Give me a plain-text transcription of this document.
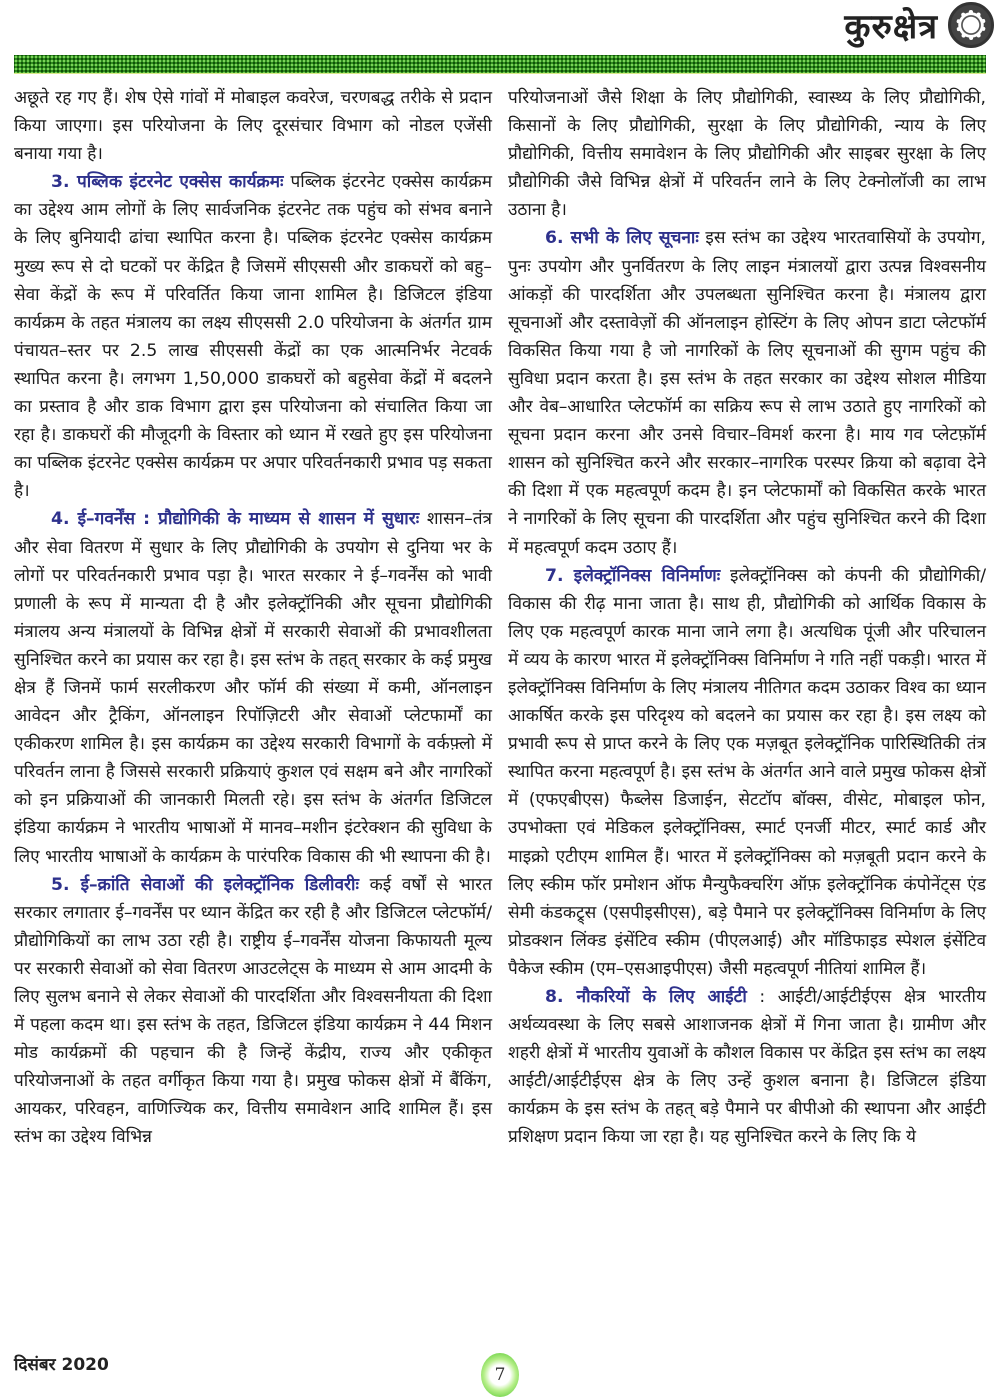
कुरुक्षेत्र

अछूते रह गए हैं। शेष ऐसे गांवों में मोबाइल कवरेज, चरणबद्ध तरीके से प्रदान किया जाएगा। इस परियोजना के लिए दूरसंचार विभाग को नोडल एजेंसी बनाया गया है।

3. पब्लिक इंटरनेट एक्सेस कार्यक्रमः पब्लिक इंटरनेट एक्सेस कार्यक्रम का उद्देश्य आम लोगों के लिए सार्वजनिक इंटरनेट तक पहुंच को संभव बनाने के लिए बुनियादी ढांचा स्थापित करना है। पब्लिक इंटरनेट एक्सेस कार्यक्रम मुख्य रूप से दो घटकों पर केंद्रित है जिसमें सीएससी और डाकघरों को बहु–सेवा केंद्रों के रूप में परिवर्तित किया जाना शामिल है। डिजिटल इंडिया कार्यक्रम के तहत मंत्रालय का लक्ष्य सीएससी 2.0 परियोजना के अंतर्गत ग्राम पंचायत–स्तर पर 2.5 लाख सीएससी केंद्रों का एक आत्मनिर्भर नेटवर्क स्थापित करना है। लगभग 1,50,000 डाकघरों को बहुसेवा केंद्रों में बदलने का प्रस्ताव है और डाक विभाग द्वारा इस परियोजना को संचालित किया जा रहा है। डाकघरों की मौजूदगी के विस्तार को ध्यान में रखते हुए इस परियोजना का पब्लिक इंटरनेट एक्सेस कार्यक्रम पर अपार परिवर्तनकारी प्रभाव पड़ सकता है।

4. ई–गवर्नेंस : प्रौद्योगिकी के माध्यम से शासन में सुधारः शासन–तंत्र और सेवा वितरण में सुधार के लिए प्रौद्योगिकी के उपयोग से दुनिया भर के लोगों पर परिवर्तनकारी प्रभाव पड़ा है। भारत सरकार ने ई–गवर्नेंस को भावी प्रणाली के रूप में मान्यता दी है और इलेक्ट्रॉनिकी और सूचना प्रौद्योगिकी मंत्रालय अन्य मंत्रालयों के विभिन्न क्षेत्रों में सरकारी सेवाओं की प्रभावशीलता सुनिश्चित करने का प्रयास कर रहा है। इस स्तंभ के तहत् सरकार के कई प्रमुख क्षेत्र हैं जिनमें फार्म सरलीकरण और फॉर्म की संख्या में कमी, ऑनलाइन आवेदन और ट्रैकिंग, ऑनलाइन रिपॉज़िटरी और सेवाओं प्लेटफार्मों का एकीकरण शामिल है। इस कार्यक्रम का उद्देश्य सरकारी विभागों के वर्कफ़्लो में परिवर्तन लाना है जिससे सरकारी प्रक्रियाएं कुशल एवं सक्षम बने और नागरिकों को इन प्रक्रियाओं की जानकारी मिलती रहे। इस स्तंभ के अंतर्गत डिजिटल इंडिया कार्यक्रम ने भारतीय भाषाओं में मानव–मशीन इंटरेक्शन की सुविधा के लिए भारतीय भाषाओं के कार्यक्रम के पारंपरिक विकास की भी स्थापना की है।

5. ई–क्रांति सेवाओं की इलेक्ट्रॉनिक डिलीवरीः कई वर्षों से भारत सरकार लगातार ई–गवर्नेंस पर ध्यान केंद्रित कर रही है और डिजिटल प्लेटफॉर्म/प्रौद्योगिकियों का लाभ उठा रही है। राष्ट्रीय ई–गवर्नेंस योजना किफायती मूल्य पर सरकारी सेवाओं को सेवा वितरण आउटलेट्स के माध्यम से आम आदमी के लिए सुलभ बनाने से लेकर सेवाओं की पारदर्शिता और विश्वसनीयता की दिशा में पहला कदम था। इस स्तंभ के तहत, डिजिटल इंडिया कार्यक्रम ने 44 मिशन मोड कार्यक्रमों की पहचान की है जिन्हें केंद्रीय, राज्य और एकीकृत परियोजनाओं के तहत वर्गीकृत किया गया है। प्रमुख फोकस क्षेत्रों में बैंकिंग, आयकर, परिवहन, वाणिज्यिक कर, वित्तीय समावेशन आदि शामिल हैं। इस स्तंभ का उद्देश्य विभिन्न

परियोजनाओं जैसे शिक्षा के लिए प्रौद्योगिकी, स्वास्थ्य के लिए प्रौद्योगिकी, किसानों के लिए प्रौद्योगिकी, सुरक्षा के लिए प्रौद्योगिकी, न्याय के लिए प्रौद्योगिकी, वित्तीय समावेशन के लिए प्रौद्योगिकी और साइबर सुरक्षा के लिए प्रौद्योगिकी जैसे विभिन्न क्षेत्रों में परिवर्तन लाने के लिए टेक्नोलॉजी का लाभ उठाना है।

6. सभी के लिए सूचनाः इस स्तंभ का उद्देश्य भारतवासियों के उपयोग, पुनः उपयोग और पुनर्वितरण के लिए लाइन मंत्रालयों द्वारा उत्पन्न विश्वसनीय आंकड़ों की पारदर्शिता और उपलब्धता सुनिश्चित करना है। मंत्रालय द्वारा सूचनाओं और दस्तावेज़ों की ऑनलाइन होस्टिंग के लिए ओपन डाटा प्लेटफॉर्म विकसित किया गया है जो नागरिकों के लिए सूचनाओं की सुगम पहुंच की सुविधा प्रदान करता है। इस स्तंभ के तहत सरकार का उद्देश्य सोशल मीडिया और वेब–आधारित प्लेटफॉर्म का सक्रिय रूप से लाभ उठाते हुए नागरिकों को सूचना प्रदान करना और उनसे विचार–विमर्श करना है। माय गव प्लेटफ़ॉर्म शासन को सुनिश्चित करने और सरकार–नागरिक परस्पर क्रिया को बढ़ावा देने की दिशा में एक महत्वपूर्ण कदम है। इन प्लेटफार्मों को विकसित करके भारत ने नागरिकों के लिए सूचना की पारदर्शिता और पहुंच सुनिश्चित करने की दिशा में महत्वपूर्ण कदम उठाए हैं।

7. इलेक्ट्रॉनिक्स विनिर्माणः इलेक्ट्रॉनिक्स को कंपनी की प्रौद्योगिकी/विकास की रीढ़ माना जाता है। साथ ही, प्रौद्योगिकी को आर्थिक विकास के लिए एक महत्वपूर्ण कारक माना जाने लगा है। अत्यधिक पूंजी और परिचालन में व्यय के कारण भारत में इलेक्ट्रॉनिक्स विनिर्माण ने गति नहीं पकड़ी। भारत में इलेक्ट्रॉनिक्स विनिर्माण के लिए मंत्रालय नीतिगत कदम उठाकर विश्व का ध्यान आकर्षित करके इस परिदृश्य को बदलने का प्रयास कर रहा है। इस लक्ष्य को प्रभावी रूप से प्राप्त करने के लिए एक मज़बूत इलेक्ट्रॉनिक पारिस्थितिकी तंत्र स्थापित करना महत्वपूर्ण है। इस स्तंभ के अंतर्गत आने वाले प्रमुख फोकस क्षेत्रों में (एफएबीएस) फैब्लेस डिजाईन, सेटटॉप बॉक्स, वीसेट, मोबाइल फोन, उपभोक्ता एवं मेडिकल इलेक्ट्रॉनिक्स, स्मार्ट एनर्जी मीटर, स्मार्ट कार्ड और माइक्रो एटीएम शामिल हैं। भारत में इलेक्ट्रॉनिक्स को मज़बूती प्रदान करने के लिए स्कीम फॉर प्रमोशन ऑफ मैन्युफैक्चरिंग ऑफ़ इलेक्ट्रॉनिक कंपोनेंट्स एंड सेमी कंडकट्र्स (एसपीइसीएस), बड़े पैमाने पर इलेक्ट्रॉनिक्स विनिर्माण के लिए प्रोडक्शन लिंक्ड इंसेंटिव स्कीम (पीएलआई) और मॉडिफाइड स्पेशल इंसेंटिव पैकेज स्कीम (एम–एसआइपीएस) जैसी महत्वपूर्ण नीतियां शामिल हैं।

8. नौकरियों के लिए आईटी : आईटी/आईटीईएस क्षेत्र भारतीय अर्थव्यवस्था के लिए सबसे आशाजनक क्षेत्रों में गिना जाता है। ग्रामीण और शहरी क्षेत्रों में भारतीय युवाओं के कौशल विकास पर केंद्रित इस स्तंभ का लक्ष्य आईटी/आईटीईएस क्षेत्र के लिए उन्हें कुशल बनाना है। डिजिटल इंडिया कार्यक्रम के इस स्तंभ के तहत् बड़े पैमाने पर बीपीओ की स्थापना और आईटी प्रशिक्षण प्रदान किया जा रहा है। यह सुनिश्चित करने के लिए कि ये

दिसंबर 2020	7
